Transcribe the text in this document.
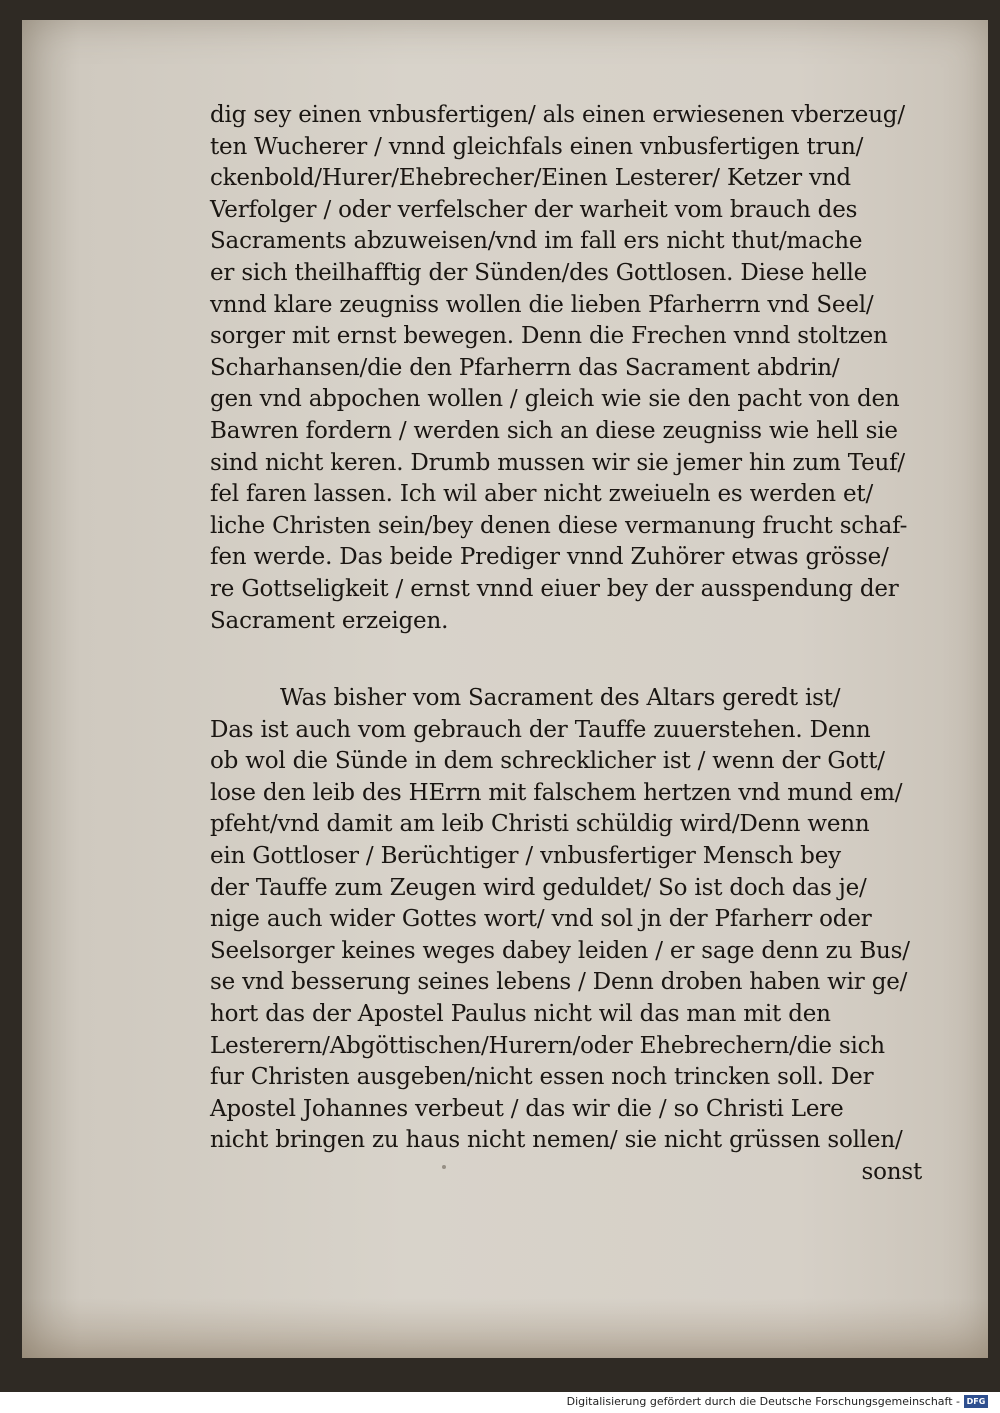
dig sey einen vnbusfertigen/ als einen erwiesenen vberzeug/
ten Wucherer / vnnd gleichfals einen vnbusfertigen trun/
ckenbold/Hurer/Ehebrecher/Einen Lesterer/ Ketzer vnd
Verfolger / oder verfelscher der warheit vom brauch des
Sacraments abzuweisen/vnd im fall ers nicht thut/mache
er sich theilhafftig der Sünden/des Gottlosen. Diese helle
vnnd klare zeugniss wollen die lieben Pfarherrn vnd Seel/
sorger mit ernst bewegen. Denn die Frechen vnnd stoltzen
Scharhansen/die den Pfarherrn das Sacrament abdrin/
gen vnd abpochen wollen / gleich wie sie den pacht von den
Bawren fordern / werden sich an diese zeugniss wie hell sie
sind nicht keren. Drumb mussen wir sie jemer hin zum Teuf/
fel faren lassen. Ich wil aber nicht zweiueln es werden et/
liche Christen sein/bey denen diese vermanung frucht schaf-
fen werde. Das beide Prediger vnnd Zuhörer etwas grösse/
re Gottseligkeit / ernst vnnd eiuer bey der ausspendung der
Sacrament erzeigen.
Was bisher vom Sacrament des Altars geredt ist/
Das ist auch vom gebrauch der Tauffe zuuerstehen. Denn
ob wol die Sünde in dem schrecklicher ist / wenn der Gott/
lose den leib des HErrn mit falschem hertzen vnd mund em/
pfeht/vnd damit am leib Christi schüldig wird/Denn wenn
ein Gottloser / Berüchtiger / vnbusfertiger Mensch bey
der Tauffe zum Zeugen wird geduldet/ So ist doch das je/
nige auch wider Gottes wort/ vnd sol jn der Pfarherr oder
Seelsorger keines weges dabey leiden / er sage denn zu Bus/
se vnd besserung seines lebens / Denn droben haben wir ge/
hort das der Apostel Paulus nicht wil das man mit den
Lesterern/Abgöttischen/Hurern/oder Ehebrechern/die sich
fur Christen ausgeben/nicht essen noch trincken soll. Der
Apostel Johannes verbeut / das wir die / so Christi Lere
nicht bringen zu haus nicht nemen/ sie nicht grüssen sollen/
sonst
Digitalisierung gefördert durch die Deutsche Forschungsgemeinschaft - DFG
